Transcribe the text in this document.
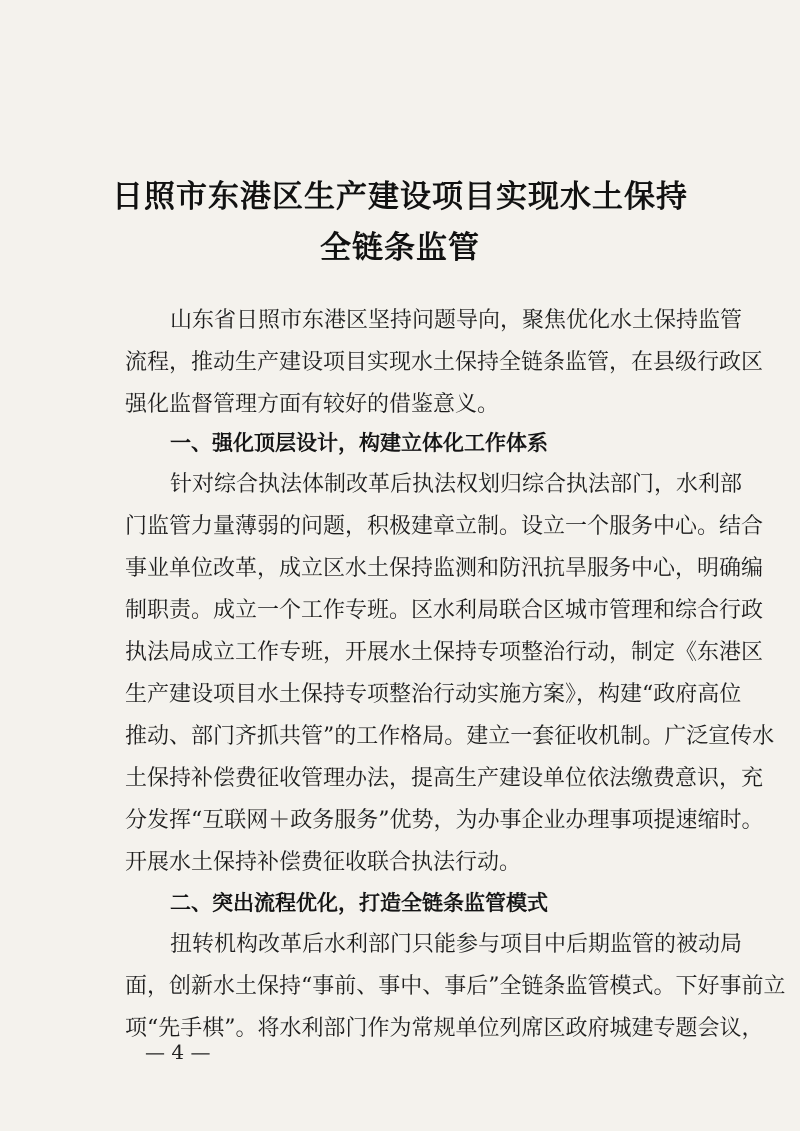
日照市东港区生产建设项目实现水土保持
全链条监管
山东省日照市东港区坚持问题导向，聚焦优化水土保持监管
流程，推动生产建设项目实现水土保持全链条监管，在县级行政区
强化监督管理方面有较好的借鉴意义。
一、强化顶层设计，构建立体化工作体系
针对综合执法体制改革后执法权划归综合执法部门，水利部
门监管力量薄弱的问题，积极建章立制。设立一个服务中心。结合
事业单位改革，成立区水土保持监测和防汛抗旱服务中心，明确编
制职责。成立一个工作专班。区水利局联合区城市管理和综合行政
执法局成立工作专班，开展水土保持专项整治行动，制定《东港区
生产建设项目水土保持专项整治行动实施方案》，构建“政府高位
推动、部门齐抓共管”的工作格局。建立一套征收机制。广泛宣传水
土保持补偿费征收管理办法，提高生产建设单位依法缴费意识，充
分发挥“互联网＋政务服务”优势，为办事企业办理事项提速缩时。
开展水土保持补偿费征收联合执法行动。
二、突出流程优化，打造全链条监管模式
扭转机构改革后水利部门只能参与项目中后期监管的被动局
面，创新水土保持“事前、事中、事后”全链条监管模式。下好事前立
项“先手棋”。将水利部门作为常规单位列席区政府城建专题会议，
— 4 —
